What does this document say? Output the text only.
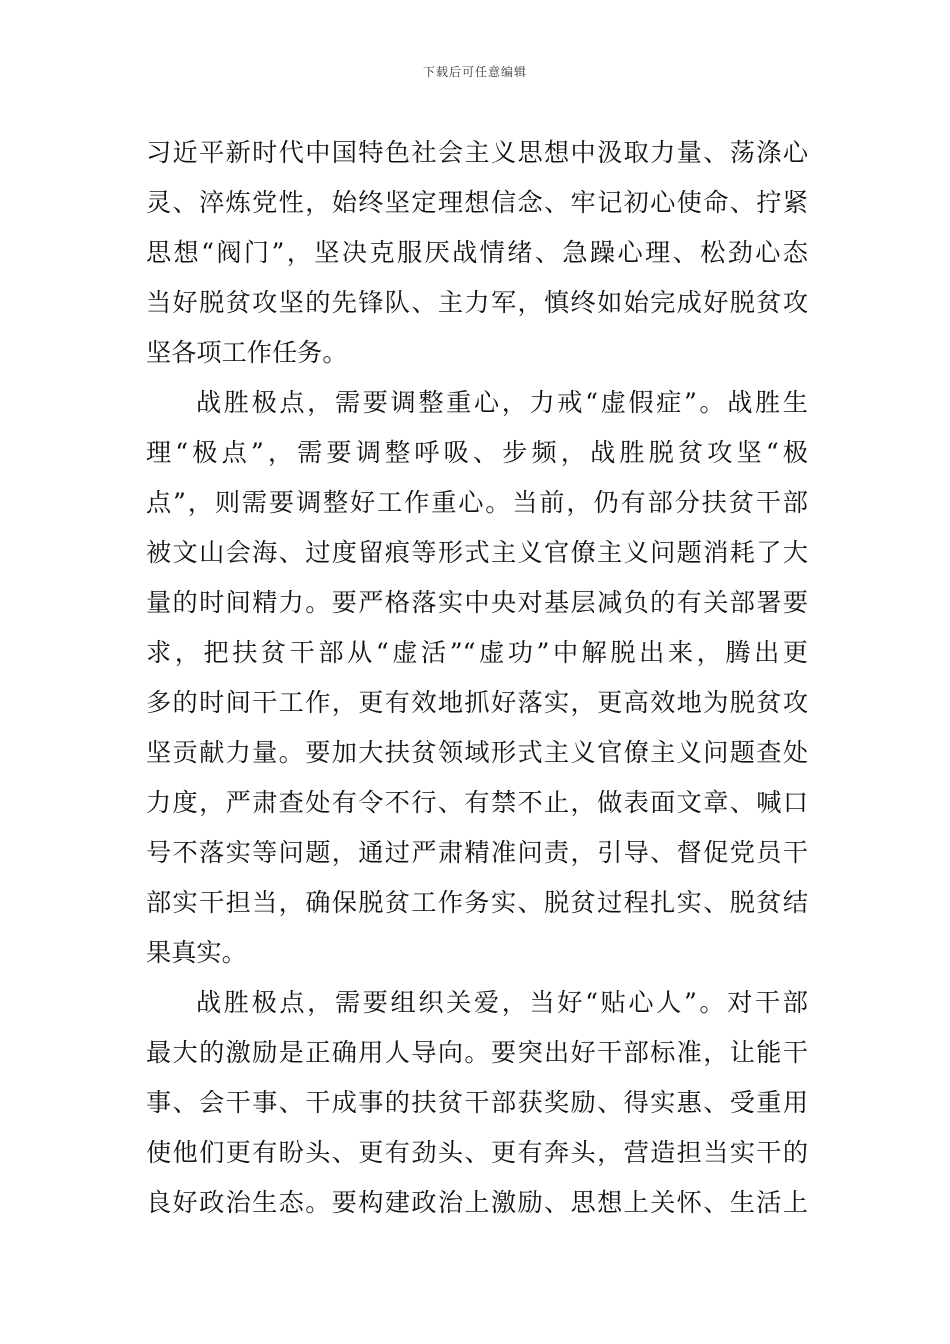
下载后可任意编辑
习近平新时代中国特色社会主义思想中汲取力量、荡涤心
灵、淬炼党性，始终坚定理想信念、牢记初心使命、拧紧
思想“阀门”，坚决克服厌战情绪、急躁心理、松劲心态
当好脱贫攻坚的先锋队、主力军，慎终如始完成好脱贫攻
坚各项工作任务。
战胜极点，需要调整重心，力戒“虚假症”。战胜生
理“极点”，需要调整呼吸、步频，战胜脱贫攻坚“极
点”，则需要调整好工作重心。当前，仍有部分扶贫干部
被文山会海、过度留痕等形式主义官僚主义问题消耗了大
量的时间精力。要严格落实中央对基层减负的有关部署要
求，把扶贫干部从“虚活”“虚功”中解脱出来，腾出更
多的时间干工作，更有效地抓好落实，更高效地为脱贫攻
坚贡献力量。要加大扶贫领域形式主义官僚主义问题查处
力度，严肃查处有令不行、有禁不止，做表面文章、喊口
号不落实等问题，通过严肃精准问责，引导、督促党员干
部实干担当，确保脱贫工作务实、脱贫过程扎实、脱贫结
果真实。
战胜极点，需要组织关爱，当好“贴心人”。对干部
最大的激励是正确用人导向。要突出好干部标准，让能干
事、会干事、干成事的扶贫干部获奖励、得实惠、受重用
使他们更有盼头、更有劲头、更有奔头，营造担当实干的
良好政治生态。要构建政治上激励、思想上关怀、生活上
